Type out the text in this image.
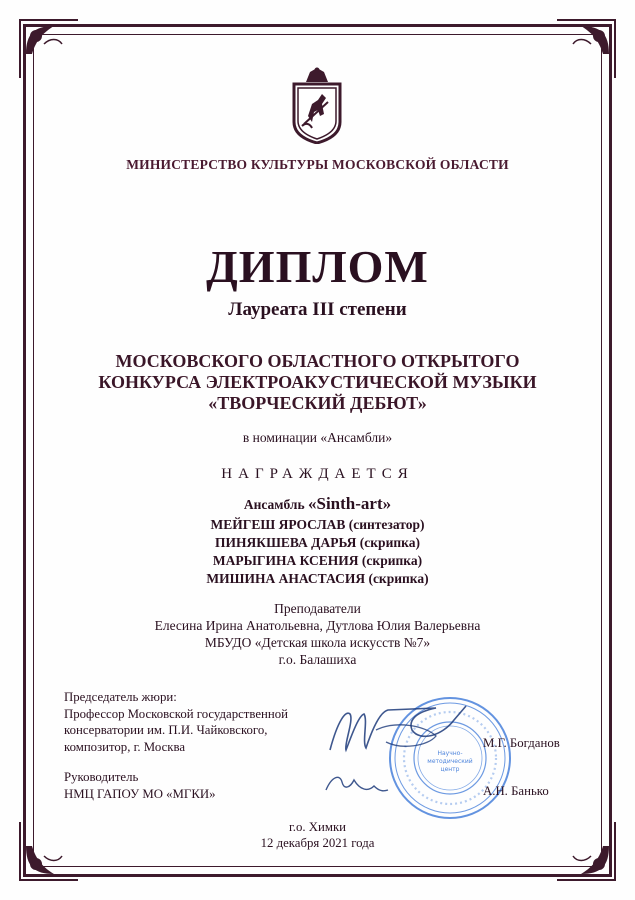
МИНИСТЕРСТВО КУЛЬТУРЫ МОСКОВСКОЙ ОБЛАСТИ
ДИПЛОМ
Лауреата III степени
МОСКОВСКОГО ОБЛАСТНОГО ОТКРЫТОГО
КОНКУРСА ЭЛЕКТРОАКУСТИЧЕСКОЙ МУЗЫКИ
«ТВОРЧЕСКИЙ ДЕБЮТ»
в номинации «Ансамбли»
НАГРАЖДАЕТСЯ
Ансамбль «Sinth-art»
МЕЙГЕШ ЯРОСЛАВ (синтезатор)
ПИНЯКШЕВА ДАРЬЯ (скрипка)
МАРЫГИНА КСЕНИЯ (скрипка)
МИШИНА АНАСТАСИЯ (скрипка)
Преподаватели
Елесина Ирина Анатольевна, Дутлова Юлия Валерьевна
МБУДО «Детская школа искусств №7»
г.о. Балашиха
Председатель жюри:
Профессор Московской государственной
консерватории им. П.И. Чайковского,
композитор, г. Москва
Руководитель
НМЦ ГАПОУ МО «МГКИ»
Научно-
методический
центр
М.Г. Богданов
А.Н. Банько
г.о. Химки
12 декабря 2021 года
